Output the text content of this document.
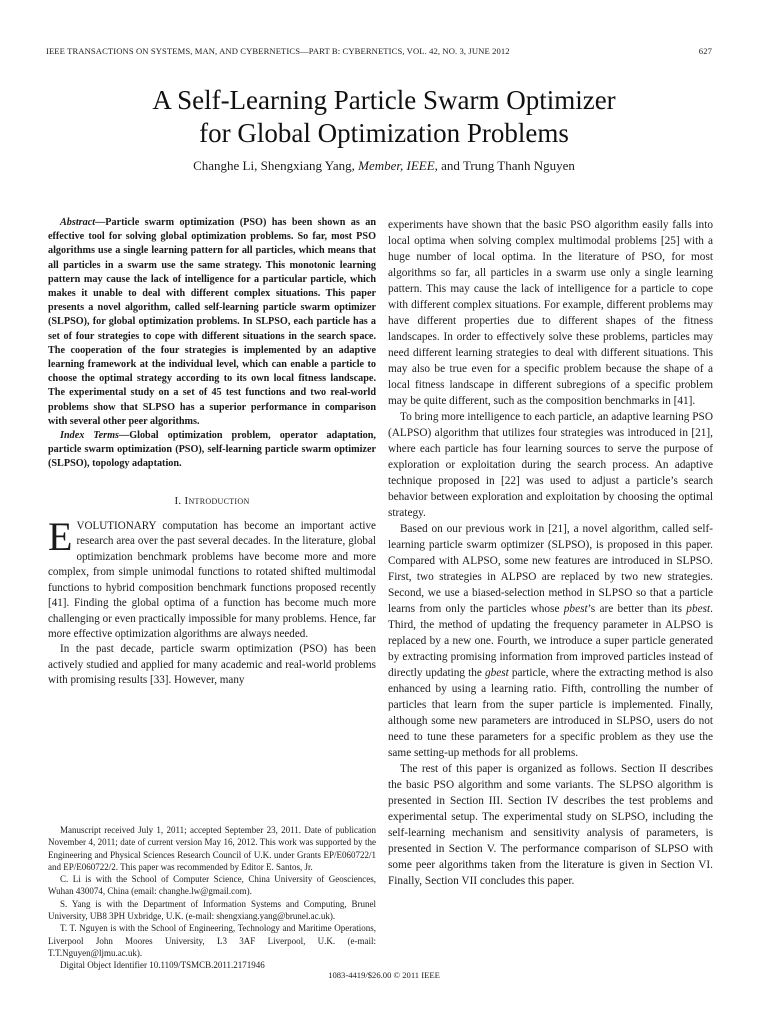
IEEE TRANSACTIONS ON SYSTEMS, MAN, AND CYBERNETICS—PART B: CYBERNETICS, VOL. 42, NO. 3, JUNE 2012	627
A Self-Learning Particle Swarm Optimizer
for Global Optimization Problems
Changhe Li, Shengxiang Yang, Member, IEEE, and Trung Thanh Nguyen

Abstract—Particle swarm optimization (PSO) has been shown as an effective tool for solving global optimization problems. So far, most PSO algorithms use a single learning pattern for all particles, which means that all particles in a swarm use the same strategy. This monotonic learning pattern may cause the lack of intelligence for a particular particle, which makes it unable to deal with different complex situations. This paper presents a novel algorithm, called self-learning particle swarm optimizer (SLPSO), for global optimization problems. In SLPSO, each particle has a set of four strategies to cope with different situations in the search space. The cooperation of the four strategies is implemented by an adaptive learning framework at the individual level, which can enable a particle to choose the optimal strategy according to its own local fitness landscape. The experimental study on a set of 45 test functions and two real-world problems show that SLPSO has a superior performance in comparison with several other peer algorithms.

Index Terms—Global optimization problem, operator adaptation, particle swarm optimization (PSO), self-learning particle swarm optimizer (SLPSO), topology adaptation.

I. Introduction

EVOLUTIONARY computation has become an important active research area over the past several decades. In the literature, global optimization benchmark problems have become more and more complex, from simple unimodal functions to rotated shifted multimodal functions to hybrid composition benchmark functions proposed recently [41]. Finding the global optima of a function has become much more challenging or even practically impossible for many problems. Hence, far more effective optimization algorithms are always needed.

In the past decade, particle swarm optimization (PSO) has been actively studied and applied for many academic and real-world problems with promising results [33]. However, many

Manuscript received July 1, 2011; accepted September 23, 2011. Date of publication November 4, 2011; date of current version May 16, 2012. This work was supported by the Engineering and Physical Sciences Research Council of U.K. under Grants EP/E060722/1 and EP/E060722/2. This paper was recommended by Editor E. Santos, Jr.

C. Li is with the School of Computer Science, China University of Geosciences, Wuhan 430074, China (email: changhe.lw@gmail.com).

S. Yang is with the Department of Information Systems and Computing, Brunel University, UB8 3PH Uxbridge, U.K. (e-mail: shengxiang.yang@brunel.ac.uk).

T. T. Nguyen is with the School of Engineering, Technology and Maritime Operations, Liverpool John Moores University, L3 3AF Liverpool, U.K. (e-mail: T.T.Nguyen@ljmu.ac.uk).

Digital Object Identifier 10.1109/TSMCB.2011.2171946

experiments have shown that the basic PSO algorithm easily falls into local optima when solving complex multimodal problems [25] with a huge number of local optima. In the literature of PSO, for most algorithms so far, all particles in a swarm use only a single learning pattern. This may cause the lack of intelligence for a particle to cope with different complex situations. For example, different problems may have different properties due to different shapes of the fitness landscapes. In order to effectively solve these problems, particles may need different learning strategies to deal with different situations. This may also be true even for a specific problem because the shape of a local fitness landscape in different subregions of a specific problem may be quite different, such as the composition benchmarks in [41].

To bring more intelligence to each particle, an adaptive learning PSO (ALPSO) algorithm that utilizes four strategies was introduced in [21], where each particle has four learning sources to serve the purpose of exploration or exploitation during the search process. An adaptive technique proposed in [22] was used to adjust a particle’s search behavior between exploration and exploitation by choosing the optimal strategy.

Based on our previous work in [21], a novel algorithm, called self-learning particle swarm optimizer (SLPSO), is proposed in this paper. Compared with ALPSO, some new features are introduced in SLPSO. First, two strategies in ALPSO are replaced by two new strategies. Second, we use a biased-selection method in SLPSO so that a particle learns from only the particles whose pbest’s are better than its pbest. Third, the method of updating the frequency parameter in ALPSO is replaced by a new one. Fourth, we introduce a super particle generated by extracting promising information from improved particles instead of directly updating the gbest particle, where the extracting method is also enhanced by using a learning ratio. Fifth, controlling the number of particles that learn from the super particle is implemented. Finally, although some new parameters are introduced in SLPSO, users do not need to tune these parameters for a specific problem as they use the same setting-up methods for all problems.

The rest of this paper is organized as follows. Section II describes the basic PSO algorithm and some variants. The SLPSO algorithm is presented in Section III. Section IV describes the test problems and experimental setup. The experimental study on SLPSO, including the self-learning mechanism and sensitivity analysis of parameters, is presented in Section V. The performance comparison of SLPSO with some peer algorithms taken from the literature is given in Section VI. Finally, Section VII concludes this paper.

1083-4419/$26.00 © 2011 IEEE
